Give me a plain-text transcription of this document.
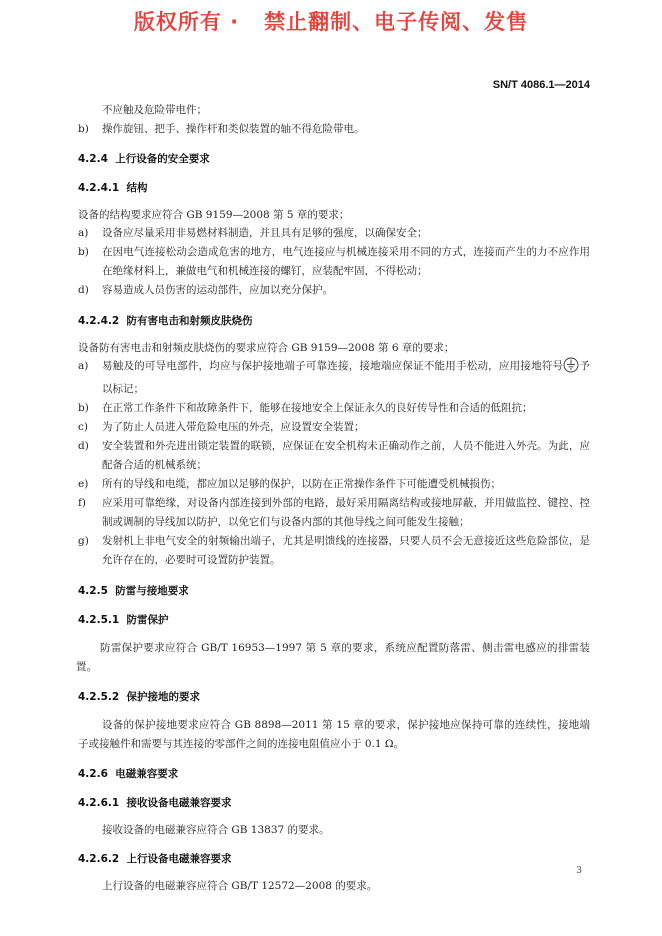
版权所有 ·   禁止翻制、电子传阅、发售
SN/T 4086.1—2014
不应触及危险带电件；
b)	操作旋钮、把手、操作杆和类似装置的轴不得危险带电。
4.2.4  上行设备的安全要求
4.2.4.1  结构
设备的结构要求应符合 GB 9159—2008 第 5 章的要求；
a)	设备应尽量采用非易燃材料制造，并且具有足够的强度，以确保安全；
b)	在因电气连接松动会造成危害的地方，电气连接应与机械连接采用不同的方式，连接而产生的力不应作用在绝缘材料上，兼做电气和机械连接的螺钉，应装配牢固，不得松动；
d)	容易造成人员伤害的运动部件，应加以充分保护。
4.2.4.2  防有害电击和射频皮肤烧伤
设备防有害电击和射频皮肤烧伤的要求应符合 GB 9159—2008 第 6 章的要求；
a)	易触及的可导电部件，均应与保护接地端子可靠连接，接地端应保证不能用手松动，应用接地符号 予以标记；
b)	在正常工作条件下和故障条件下，能够在接地安全上保证永久的良好传导性和合适的低阻抗；
c)	为了防止人员进入带危险电压的外壳，应设置安全装置；
d)	安全装置和外壳进出锁定装置的联锁，应保证在安全机构未正确动作之前，人员不能进入外壳。为此，应配备合适的机械系统；
e)	所有的导线和电缆，都应加以足够的保护，以防在正常操作条件下可能遭受机械损伤；
f)	应采用可靠绝缘，对设备内部连接到外部的电路，最好采用隔离结构或接地屏蔽，并用做监控、键控、控制或调制的导线加以防护，以免它们与设备内部的其他导线之间可能发生接触；
g)	发射机上非电气安全的射频输出端子，尤其是明馈线的连接器，只要人员不会无意接近这些危险部位，是允许存在的，必要时可设置防护装置。
4.2.5  防雷与接地要求
4.2.5.1  防雷保护
防雷保护要求应符合 GB/T 16953—1997 第 5 章的要求，系统应配置防落雷、侧击雷电感应的排雷装置。
4.2.5.2  保护接地的要求
设备的保护接地要求应符合 GB 8898—2011 第 15 章的要求，保护接地应保持可靠的连续性，接地端子或接触件和需要与其连接的零部件之间的连接电阻值应小于 0.1 Ω。
4.2.6  电磁兼容要求
4.2.6.1  接收设备电磁兼容要求
接收设备的电磁兼容应符合 GB 13837 的要求。
4.2.6.2  上行设备电磁兼容要求
上行设备的电磁兼容应符合 GB/T 12572—2008 的要求。
3
